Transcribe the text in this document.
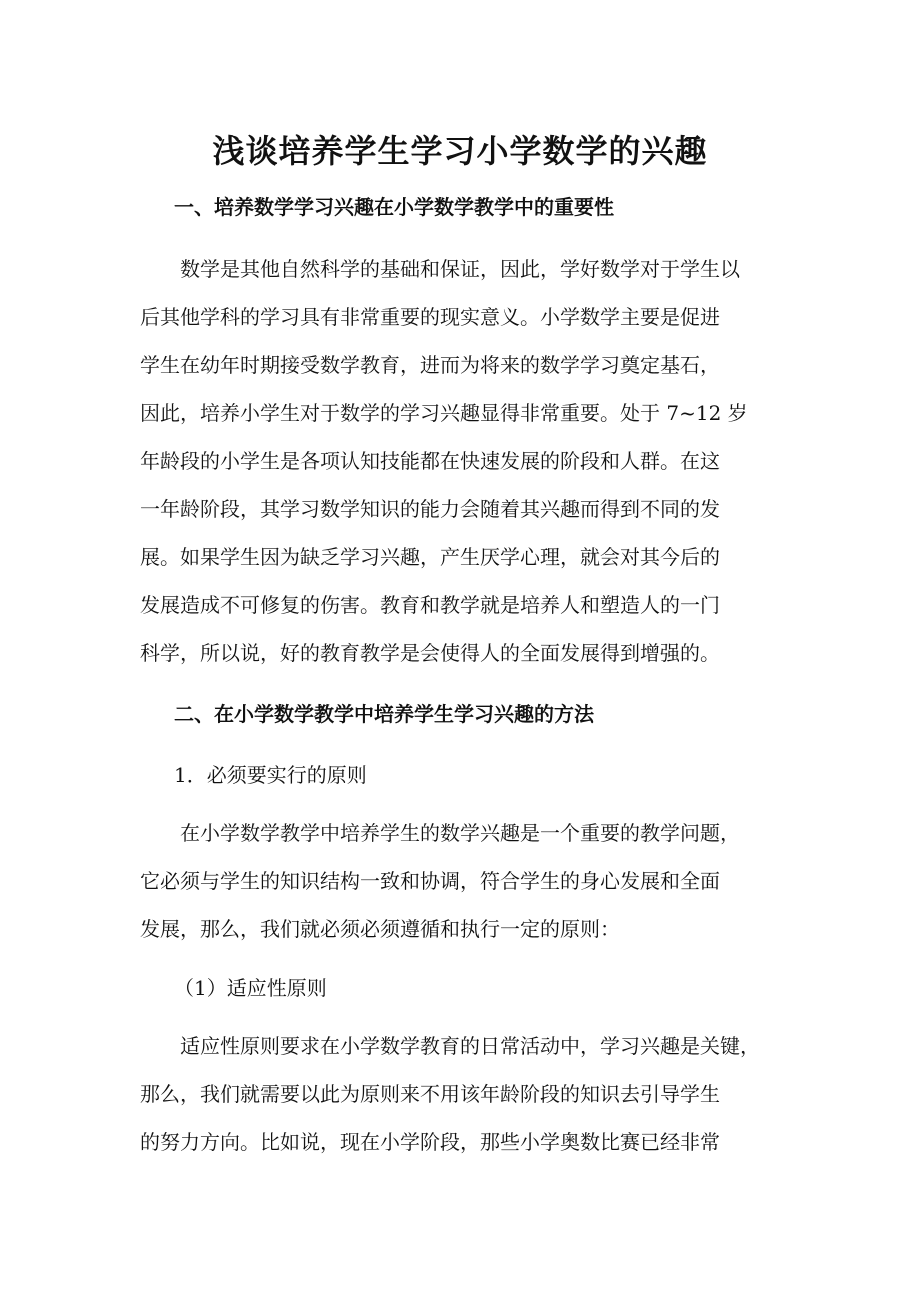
浅谈培养学生学习小学数学的兴趣
一、培养数学学习兴趣在小学数学教学中的重要性
　　数学是其他自然科学的基础和保证，因此，学好数学对于学生以
后其他学科的学习具有非常重要的现实意义。小学数学主要是促进
学生在幼年时期接受数学教育，进而为将来的数学学习奠定基石，
因此，培养小学生对于数学的学习兴趣显得非常重要。处于 7~12 岁
年龄段的小学生是各项认知技能都在快速发展的阶段和人群。在这
一年龄阶段，其学习数学知识的能力会随着其兴趣而得到不同的发
展。如果学生因为缺乏学习兴趣，产生厌学心理，就会对其今后的
发展造成不可修复的伤害。教育和教学就是培养人和塑造人的一门
科学，所以说，好的教育教学是会使得人的全面发展得到增强的。
二、在小学数学教学中培养学生学习兴趣的方法

1．必须要实行的原则

　　在小学数学教学中培养学生的数学兴趣是一个重要的教学问题，
它必须与学生的知识结构一致和协调，符合学生的身心发展和全面
发展，那么，我们就必须必须遵循和执行一定的原则：

（1）适应性原则

　　适应性原则要求在小学数学教育的日常活动中，学习兴趣是关键，
那么，我们就需要以此为原则来不用该年龄阶段的知识去引导学生
的努力方向。比如说，现在小学阶段，那些小学奥数比赛已经非常
